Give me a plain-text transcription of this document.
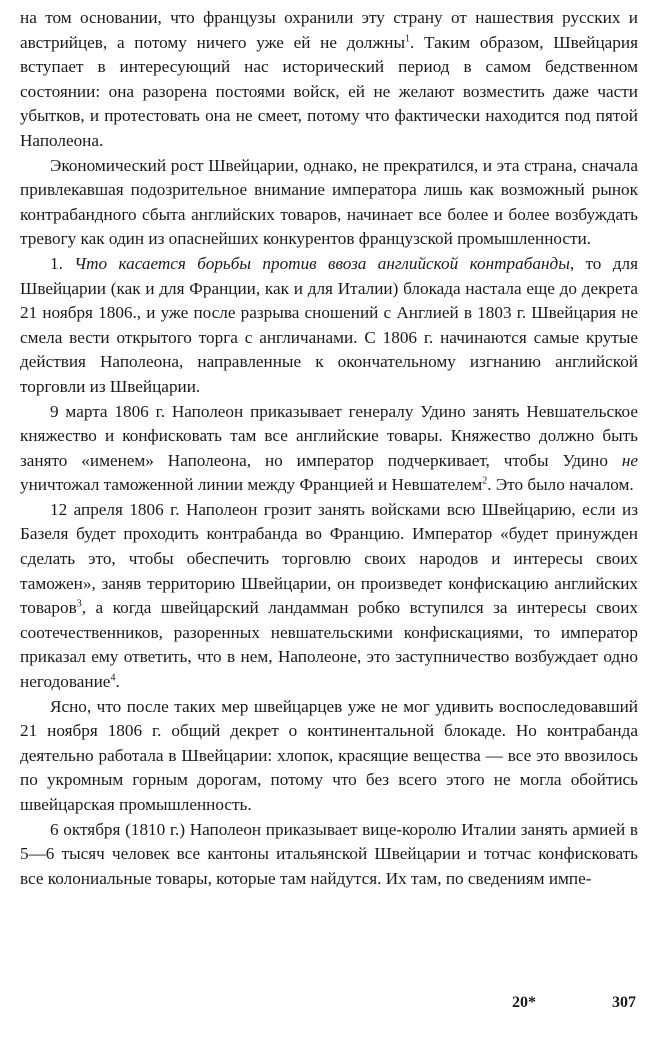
на том основании, что французы охранили эту страну от нашествия русских и австрийцев, а потому ничего уже ей не должны$^1$. Таким образом, Швейцария вступает в интересующий нас исторический период в самом бедственном состоянии: она разорена постоями войск, ей не желают возместить даже части убытков, и протестовать она не смеет, потому что фактически находится под пятой Наполеона.

Экономический рост Швейцарии, однако, не прекратился, и эта страна, сначала привлекавшая подозрительное внимание императора лишь как возможный рынок контрабандного сбыта английских товаров, начинает все более и более возбуждать тревогу как один из опаснейших конкурентов французской промышленности.

1. Что касается борьбы против ввоза английской контрабанды, то для Швейцарии (как и для Франции, как и для Италии) блокада настала еще до декрета 21 ноября 1806., и уже после разрыва сношений с Англией в 1803 г. Швейцария не смела вести открытого торга с англичанами. С 1806 г. начинаются самые крутые действия Наполеона, направленные к окончательному изгнанию английской торговли из Швейцарии.

9 марта 1806 г. Наполеон приказывает генералу Удино занять Невшательское княжество и конфисковать там все английские товары. Княжество должно быть занято «именем» Наполеона, но император подчеркивает, чтобы Удино не уничтожал таможенной линии между Францией и Невшателем$^2$. Это было началом.

12 апреля 1806 г. Наполеон грозит занять войсками всю Швейцарию, если из Базеля будет проходить контрабанда во Францию. Император «будет принужден сделать это, чтобы обеспечить торговлю своих народов и интересы своих таможен», заняв территорию Швейцарии, он произведет конфискацию английских товаров$^3$, а когда швейцарский ландамман робко вступился за интересы своих соотечественников, разоренных невшательскими конфискациями, то император приказал ему ответить, что в нем, Наполеоне, это заступничество возбуждает одно негодование$^4$.

Ясно, что после таких мер швейцарцев уже не мог удивить воспоследовавший 21 ноября 1806 г. общий декрет о континентальной блокаде. Но контрабанда деятельно работала в Швейцарии: хлопок, красящие вещества — все это ввозилось по укромным горным дорогам, потому что без всего этого не могла обойтись швейцарская промышленность.

6 октября (1810 г.) Наполеон приказывает вице-королю Италии занять армией в 5—6 тысяч человек все кантоны итальянской Швейцарии и тотчас конфисковать все колониальные товары, которые там найдутся. Их там, по сведениям импе-

20*	307
